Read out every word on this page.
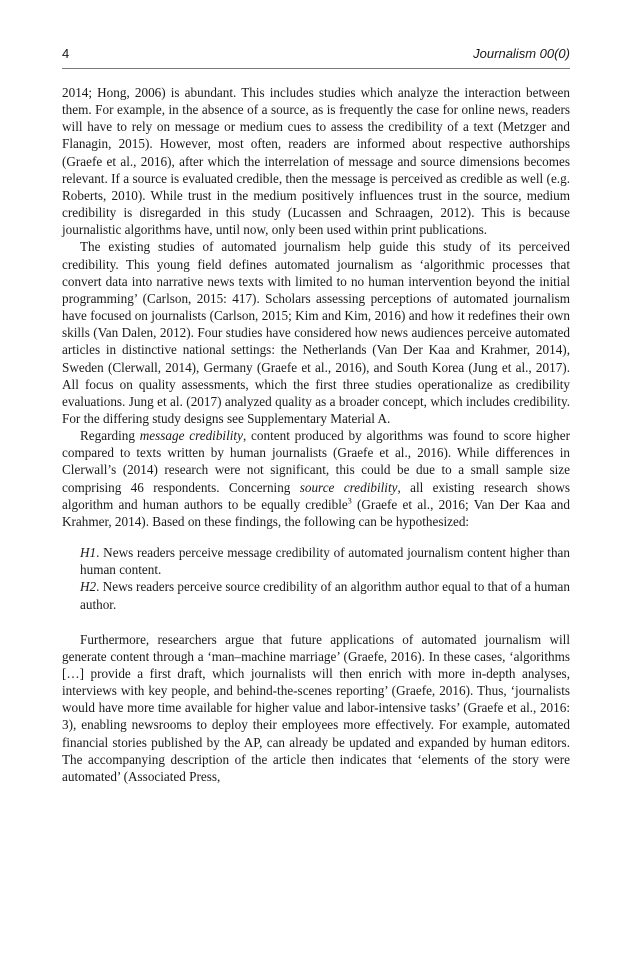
4	Journalism 00(0)

2014; Hong, 2006) is abundant. This includes studies which analyze the interaction between them. For example, in the absence of a source, as is frequently the case for online news, readers will have to rely on message or medium cues to assess the credibility of a text (Metzger and Flanagin, 2015). However, most often, readers are informed about respective authorships (Graefe et al., 2016), after which the interrelation of message and source dimensions becomes relevant. If a source is evaluated credible, then the message is perceived as credible as well (e.g. Roberts, 2010). While trust in the medium positively influences trust in the source, medium credibility is disregarded in this study (Lucassen and Schraagen, 2012). This is because journalistic algorithms have, until now, only been used within print publications.

The existing studies of automated journalism help guide this study of its perceived credibility. This young field defines automated journalism as ‘algorithmic processes that convert data into narrative news texts with limited to no human intervention beyond the initial programming’ (Carlson, 2015: 417). Scholars assessing perceptions of automated journalism have focused on journalists (Carlson, 2015; Kim and Kim, 2016) and how it redefines their own skills (Van Dalen, 2012). Four studies have considered how news audiences perceive automated articles in distinctive national settings: the Netherlands (Van Der Kaa and Krahmer, 2014), Sweden (Clerwall, 2014), Germany (Graefe et al., 2016), and South Korea (Jung et al., 2017). All focus on quality assessments, which the first three studies operationalize as credibility evaluations. Jung et al. (2017) analyzed quality as a broader concept, which includes credibility. For the differing study designs see Supplementary Material A.

Regarding message credibility, content produced by algorithms was found to score higher compared to texts written by human journalists (Graefe et al., 2016). While differences in Clerwall’s (2014) research were not significant, this could be due to a small sample size comprising 46 respondents. Concerning source credibility, all existing research shows algorithm and human authors to be equally credible$^3$ (Graefe et al., 2016; Van Der Kaa and Krahmer, 2014). Based on these findings, the following can be hypothesized:

H1. News readers perceive message credibility of automated journalism content higher than human content.

H2. News readers perceive source credibility of an algorithm author equal to that of a human author.

Furthermore, researchers argue that future applications of automated journalism will generate content through a ‘man–machine marriage’ (Graefe, 2016). In these cases, ‘algorithms […] provide a first draft, which journalists will then enrich with more in-depth analyses, interviews with key people, and behind-the-scenes reporting’ (Graefe, 2016). Thus, ‘journalists would have more time available for higher value and labor-intensive tasks’ (Graefe et al., 2016: 3), enabling newsrooms to deploy their employees more effectively. For example, automated financial stories published by the AP, can already be updated and expanded by human editors. The accompanying description of the article then indicates that ‘elements of the story were automated’ (Associated Press,
